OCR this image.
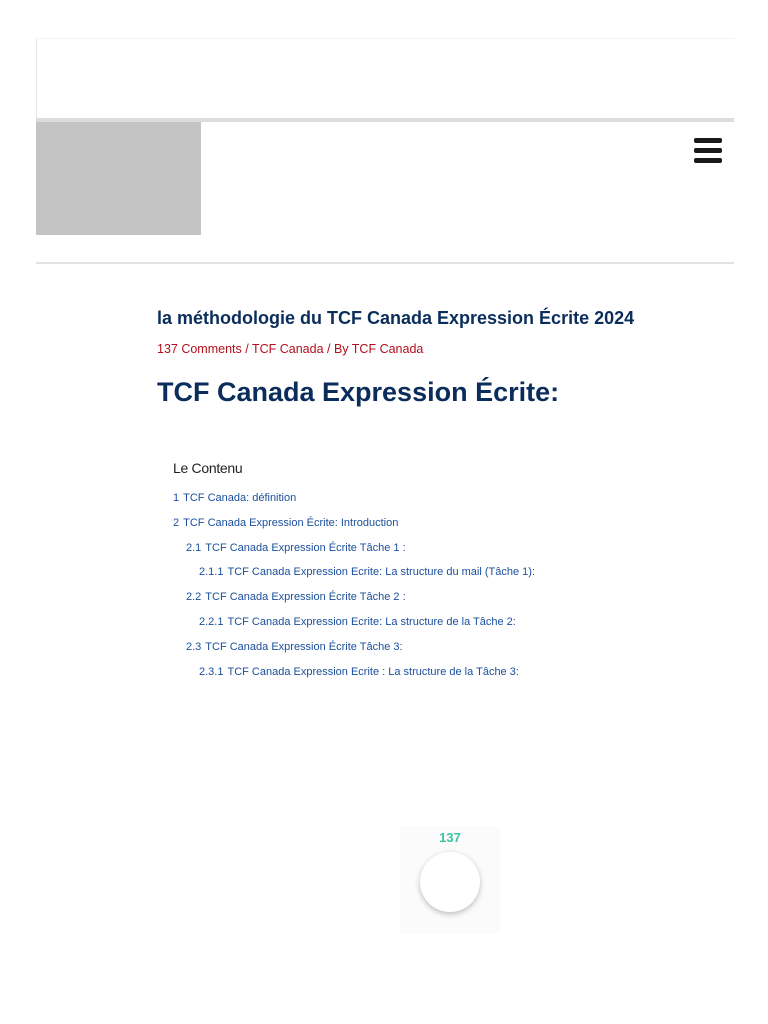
la méthodologie du TCF Canada Expression Écrite 2024
137 Comments / TCF Canada / By TCF Canada
TCF Canada Expression Écrite:
Le Contenu
1 TCF Canada: définition
2 TCF Canada Expression Écrite: Introduction
2.1 TCF Canada Expression Écrite Tâche 1 :
2.1.1 TCF Canada Expression Ecrite: La structure du mail (Tâche 1):
2.2 TCF Canada Expression Écrite Tâche 2 :
2.2.1 TCF Canada Expression Ecrite: La structure de la Tâche 2:
2.3 TCF Canada Expression Écrite Tâche 3:
2.3.1 TCF Canada Expression Ecrite : La structure de la Tâche 3:
137
